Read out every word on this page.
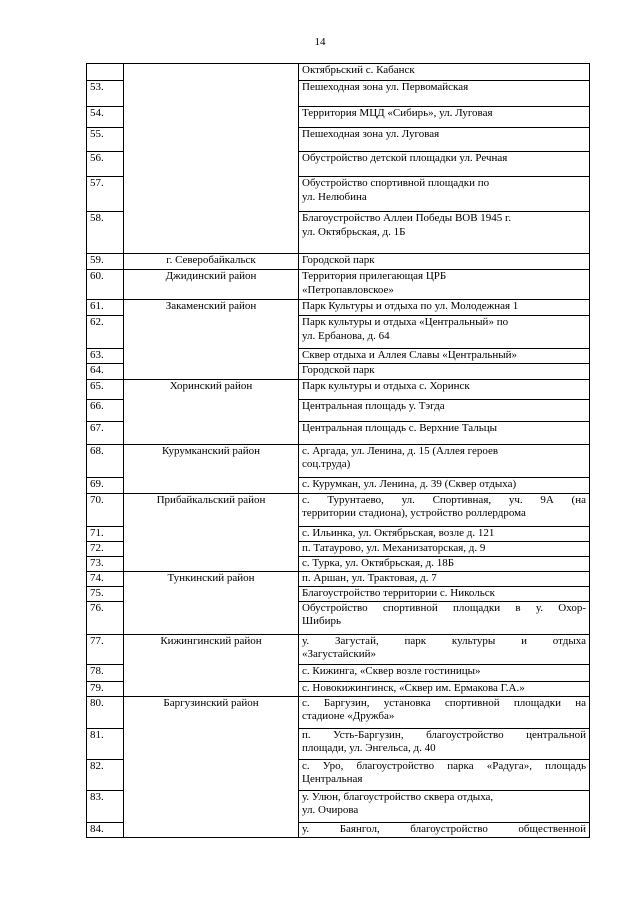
14

		Октябрьский с. Кабанск

53.		Пешеходная зона ул. Первомайская

54.		Территория МЦД «Сибирь», ул. Луговая

55.		Пешеходная зона ул. Луговая

56.		Обустройство детской площадки ул. Речная

57.		Обустройство спортивной площадки по
ул. Нелюбина

58.		Благоустройство Аллеи Победы ВОВ 1945 г.
ул. Октябрьская, д. 1Б

59.	г. Северобайкальск	Городской парк

60.	Джидинский район	Территория прилегающая ЦРБ
«Петропавловское»

61.	Закаменский район	Парк Культуры и отдыха по ул. Молодежная 1

62.		Парк культуры и отдыха «Центральный» по
ул. Ербанова, д. 64

63.		Сквер отдыха и Аллея Славы «Центральный»

64.		Городской парк

65.	Хоринский район	Парк культуры и отдыха с. Хоринск

66.		Центральная площадь у. Тэгда

67.		Центральная площадь с. Верхние Тальцы

68.	Курумканский район	с. Аргада, ул. Ленина, д. 15 (Аллея героев
соц.труда)

69.		с. Курумкан, ул. Ленина, д. 39 (Сквер отдыха)

70.	Прибайкальский район	с. Турунтаево, ул. Спортивная, уч. 9А (на
территории стадиона), устройство роллердрома

71.		с. Ильинка, ул. Октябрьская, возле д. 121

72.		п. Татаурово, ул. Механизаторская, д. 9

73.		с. Турка, ул. Октябрьская, д. 18Б

74.	Тункинский район	п. Аршан, ул. Трактовая, д. 7

75.		Благоустройство территории с. Никольск

76.		Обустройство спортивной площадки в у. Охор-
Шибирь

77.	Кижингинский район	у. Загустай, парк культуры и отдыха
«Загустайский»

78.		с. Кижинга, «Сквер возле гостиницы»

79.		с. Новокижингинск, «Сквер им. Ермакова Г.А.»

80.	Баргузинский район	с. Баргузин, установка спортивной площадки на
стадионе «Дружба»

81.		п. Усть-Баргузин, благоустройство центральной
площади, ул. Энгельса, д. 40

82.		с. Уро, благоустройство парка «Радуга», площадь
Центральная

83.		у. Улюн, благоустройство сквера отдыха,
ул. Очирова

84.		у. Баянгол, благоустройство общественной
